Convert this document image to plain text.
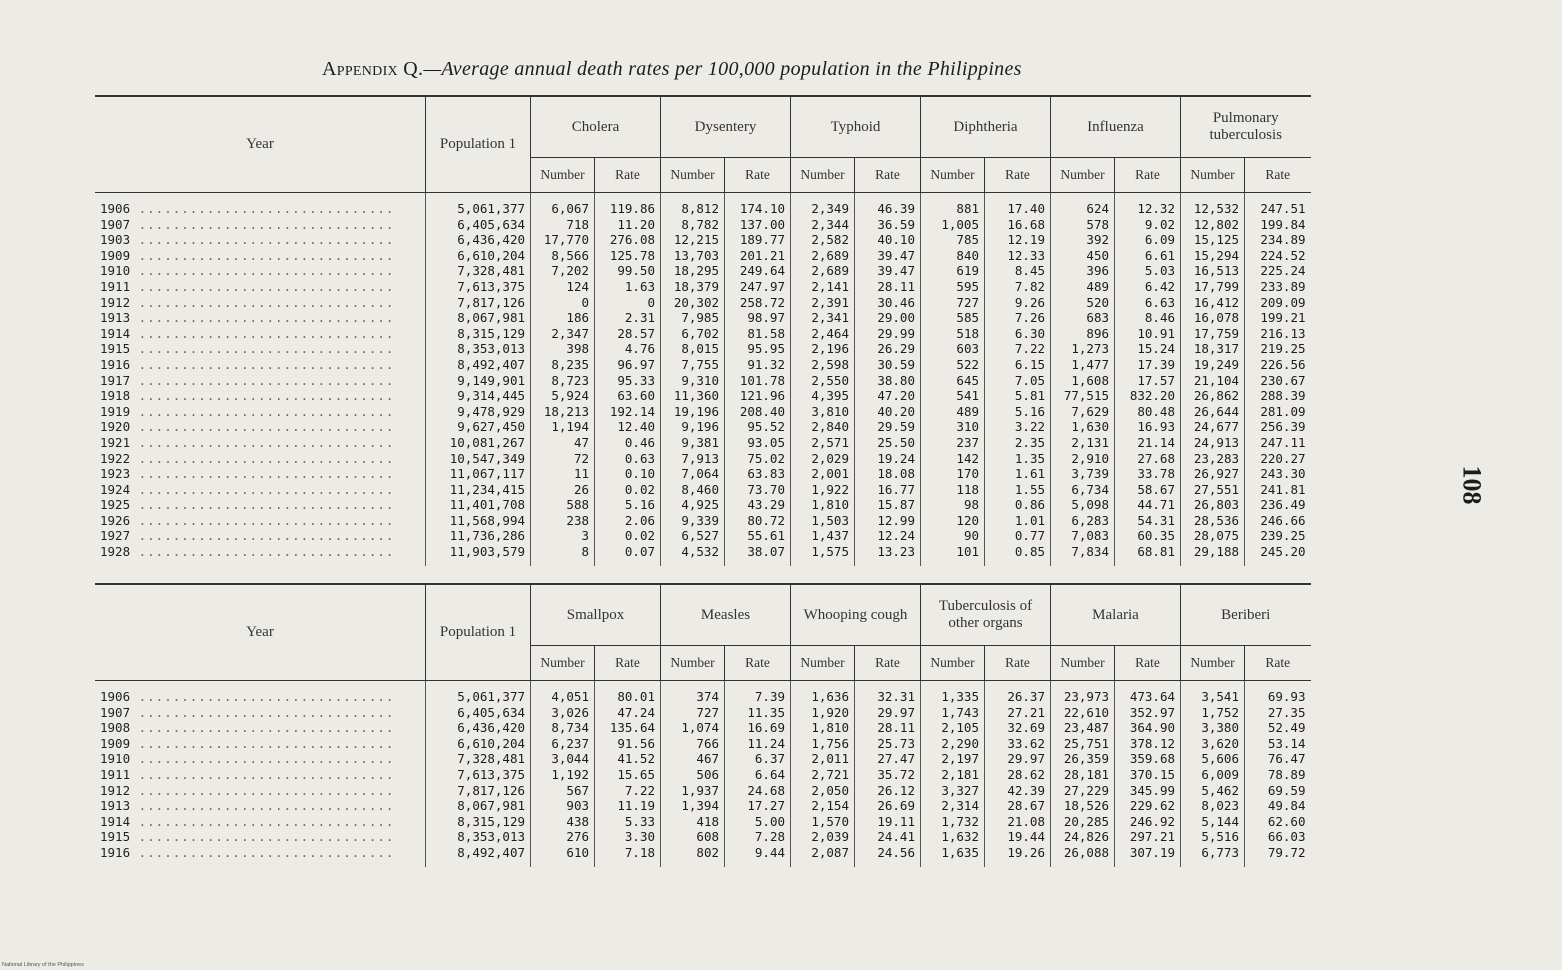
Appendix Q.—Average annual death rates per 100,000 population in the Philippines
Year	Population 1	Cholera		Dysentery		Typhoid		Diphtheria		Influenza		Pulmonary tuberculosis	
		Number	Rate	Number	Rate	Number	Rate	Number	Rate	Number	Rate	Number	Rate
1906 ..............................	5,061,377	6,067	119.86	8,812	174.10	2,349	46.39	881	17.40	624	12.32	12,532	247.51
1907 ..............................	6,405,634	718	11.20	8,782	137.00	2,344	36.59	1,005	16.68	578	9.02	12,802	199.84
1903 ..............................	6,436,420	17,770	276.08	12,215	189.77	2,582	40.10	785	12.19	392	6.09	15,125	234.89
1909 ..............................	6,610,204	8,566	125.78	13,703	201.21	2,689	39.47	840	12.33	450	6.61	15,294	224.52
1910 ..............................	7,328,481	7,202	99.50	18,295	249.64	2,689	39.47	619	8.45	396	5.03	16,513	225.24
1911 ..............................	7,613,375	124	1.63	18,379	247.97	2,141	28.11	595	7.82	489	6.42	17,799	233.89
1912 ..............................	7,817,126	0	0	20,302	258.72	2,391	30.46	727	9.26	520	6.63	16,412	209.09
1913 ..............................	8,067,981	186	2.31	7,985	98.97	2,341	29.00	585	7.26	683	8.46	16,078	199.21
1914 ..............................	8,315,129	2,347	28.57	6,702	81.58	2,464	29.99	518	6.30	896	10.91	17,759	216.13
1915 ..............................	8,353,013	398	4.76	8,015	95.95	2,196	26.29	603	7.22	1,273	15.24	18,317	219.25
1916 ..............................	8,492,407	8,235	96.97	7,755	91.32	2,598	30.59	522	6.15	1,477	17.39	19,249	226.56
1917 ..............................	9,149,901	8,723	95.33	9,310	101.78	2,550	38.80	645	7.05	1,608	17.57	21,104	230.67
1918 ..............................	9,314,445	5,924	63.60	11,360	121.96	4,395	47.20	541	5.81	77,515	832.20	26,862	288.39
1919 ..............................	9,478,929	18,213	192.14	19,196	208.40	3,810	40.20	489	5.16	7,629	80.48	26,644	281.09
1920 ..............................	9,627,450	1,194	12.40	9,196	95.52	2,840	29.59	310	3.22	1,630	16.93	24,677	256.39
1921 ..............................	10,081,267	47	0.46	9,381	93.05	2,571	25.50	237	2.35	2,131	21.14	24,913	247.11
1922 ..............................	10,547,349	72	0.63	7,913	75.02	2,029	19.24	142	1.35	2,910	27.68	23,283	220.27
1923 ..............................	11,067,117	11	0.10	7,064	63.83	2,001	18.08	170	1.61	3,739	33.78	26,927	243.30
1924 ..............................	11,234,415	26	0.02	8,460	73.70	1,922	16.77	118	1.55	6,734	58.67	27,551	241.81
1925 ..............................	11,401,708	588	5.16	4,925	43.29	1,810	15.87	98	0.86	5,098	44.71	26,803	236.49
1926 ..............................	11,568,994	238	2.06	9,339	80.72	1,503	12.99	120	1.01	6,283	54.31	28,536	246.66
1927 ..............................	11,736,286	3	0.02	6,527	55.61	1,437	12.24	90	0.77	7,083	60.35	28,075	239.25
1928 ..............................	11,903,579	8	0.07	4,532	38.07	1,575	13.23	101	0.85	7,834	68.81	29,188	245.20
Year	Population 1	Smallpox		Measles		Whooping cough		Tuberculosis of other organs		Malaria		Beriberi	
		Number	Rate	Number	Rate	Number	Rate	Number	Rate	Number	Rate	Number	Rate
1906 ..............................	5,061,377	4,051	80.01	374	7.39	1,636	32.31	1,335	26.37	23,973	473.64	3,541	69.93
1907 ..............................	6,405,634	3,026	47.24	727	11.35	1,920	29.97	1,743	27.21	22,610	352.97	1,752	27.35
1908 ..............................	6,436,420	8,734	135.64	1,074	16.69	1,810	28.11	2,105	32.69	23,487	364.90	3,380	52.49
1909 ..............................	6,610,204	6,237	91.56	766	11.24	1,756	25.73	2,290	33.62	25,751	378.12	3,620	53.14
1910 ..............................	7,328,481	3,044	41.52	467	6.37	2,011	27.47	2,197	29.97	26,359	359.68	5,606	76.47
1911 ..............................	7,613,375	1,192	15.65	506	6.64	2,721	35.72	2,181	28.62	28,181	370.15	6,009	78.89
1912 ..............................	7,817,126	567	7.22	1,937	24.68	2,050	26.12	3,327	42.39	27,229	345.99	5,462	69.59
1913 ..............................	8,067,981	903	11.19	1,394	17.27	2,154	26.69	2,314	28.67	18,526	229.62	8,023	49.84
1914 ..............................	8,315,129	438	5.33	418	5.00	1,570	19.11	1,732	21.08	20,285	246.92	5,144	62.60
1915 ..............................	8,353,013	276	3.30	608	7.28	2,039	24.41	1,632	19.44	24,826	297.21	5,516	66.03
1916 ..............................	8,492,407	610	7.18	802	9.44	2,087	24.56	1,635	19.26	26,088	307.19	6,773	79.72
108
National Library of the Philippines
